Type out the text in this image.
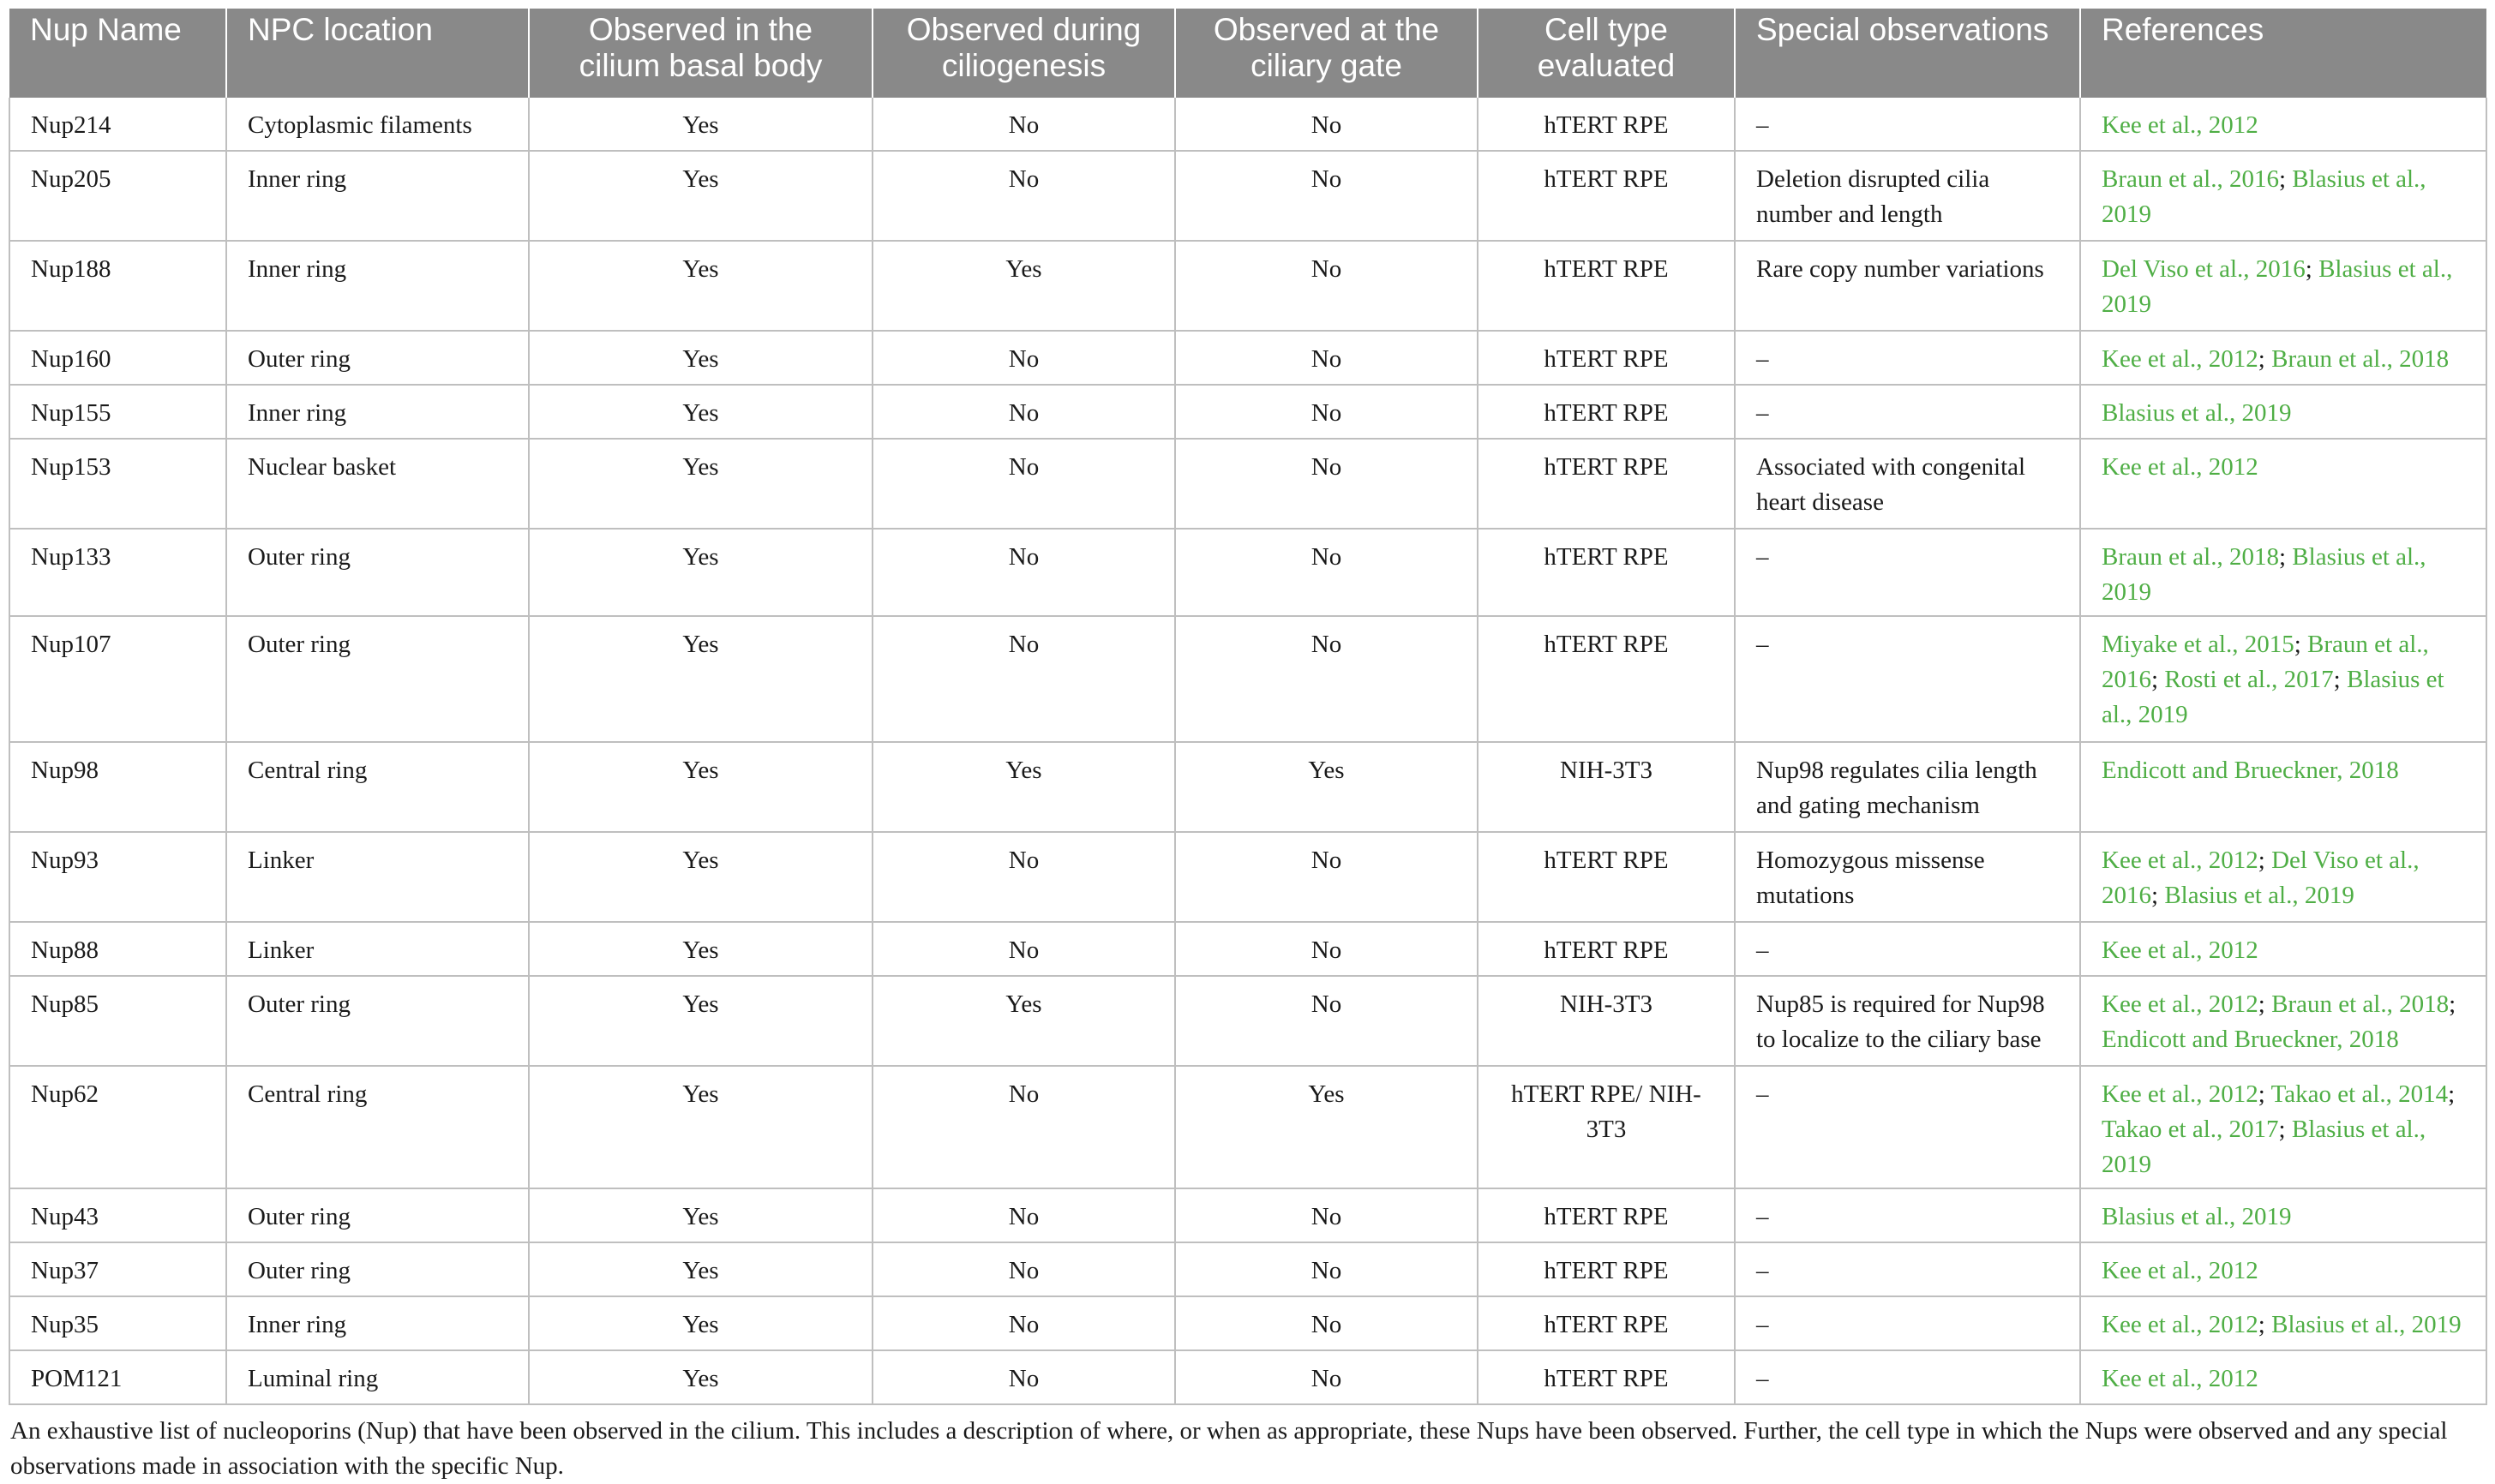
Nup Name	NPC location	Observed in the cilium basal body	Observed during ciliogenesis	Observed at the ciliary gate	Cell type evaluated	Special observations	References
Nup214	Cytoplasmic filaments	Yes	No	No	hTERT RPE	–	Kee et al., 2012
Nup205	Inner ring	Yes	No	No	hTERT RPE	Deletion disrupted cilia number and length	Braun et al., 2016; Blasius et al., 2019
Nup188	Inner ring	Yes	Yes	No	hTERT RPE	Rare copy number variations	Del Viso et al., 2016; Blasius et al., 2019
Nup160	Outer ring	Yes	No	No	hTERT RPE	–	Kee et al., 2012; Braun et al., 2018
Nup155	Inner ring	Yes	No	No	hTERT RPE	–	Blasius et al., 2019
Nup153	Nuclear basket	Yes	No	No	hTERT RPE	Associated with congenital heart disease	Kee et al., 2012
Nup133	Outer ring	Yes	No	No	hTERT RPE	–	Braun et al., 2018; Blasius et al., 2019
Nup107	Outer ring	Yes	No	No	hTERT RPE	–	Miyake et al., 2015; Braun et al., 2016; Rosti et al., 2017; Blasius et al., 2019
Nup98	Central ring	Yes	Yes	Yes	NIH-3T3	Nup98 regulates cilia length and gating mechanism	Endicott and Brueckner, 2018
Nup93	Linker	Yes	No	No	hTERT RPE	Homozygous missense mutations	Kee et al., 2012; Del Viso et al., 2016; Blasius et al., 2019
Nup88	Linker	Yes	No	No	hTERT RPE	–	Kee et al., 2012
Nup85	Outer ring	Yes	Yes	No	NIH-3T3	Nup85 is required for Nup98 to localize to the ciliary base	Kee et al., 2012; Braun et al., 2018; Endicott and Brueckner, 2018
Nup62	Central ring	Yes	No	Yes	hTERT RPE/ NIH-3T3	–	Kee et al., 2012; Takao et al., 2014; Takao et al., 2017; Blasius et al., 2019
Nup43	Outer ring	Yes	No	No	hTERT RPE	–	Blasius et al., 2019
Nup37	Outer ring	Yes	No	No	hTERT RPE	–	Kee et al., 2012
Nup35	Inner ring	Yes	No	No	hTERT RPE	–	Kee et al., 2012; Blasius et al., 2019
POM121	Luminal ring	Yes	No	No	hTERT RPE	–	Kee et al., 2012
An exhaustive list of nucleoporins (Nup) that have been observed in the cilium. This includes a description of where, or when as appropriate, these Nups have been observed. Further, the cell type in which the Nups were observed and any special observations made in association with the specific Nup.
